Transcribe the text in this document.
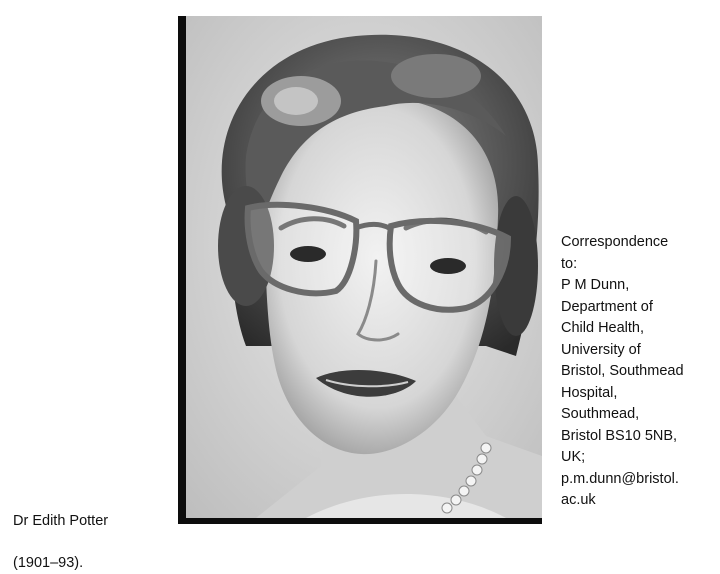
Dr Edith Potter

(1901–93).

Correspondence
to:
P M Dunn,
Department of
Child Health,
University of
Bristol, Southmead
Hospital,
Southmead,
Bristol BS10 5NB,
UK;
p.m.dunn@bristol.
ac.uk
